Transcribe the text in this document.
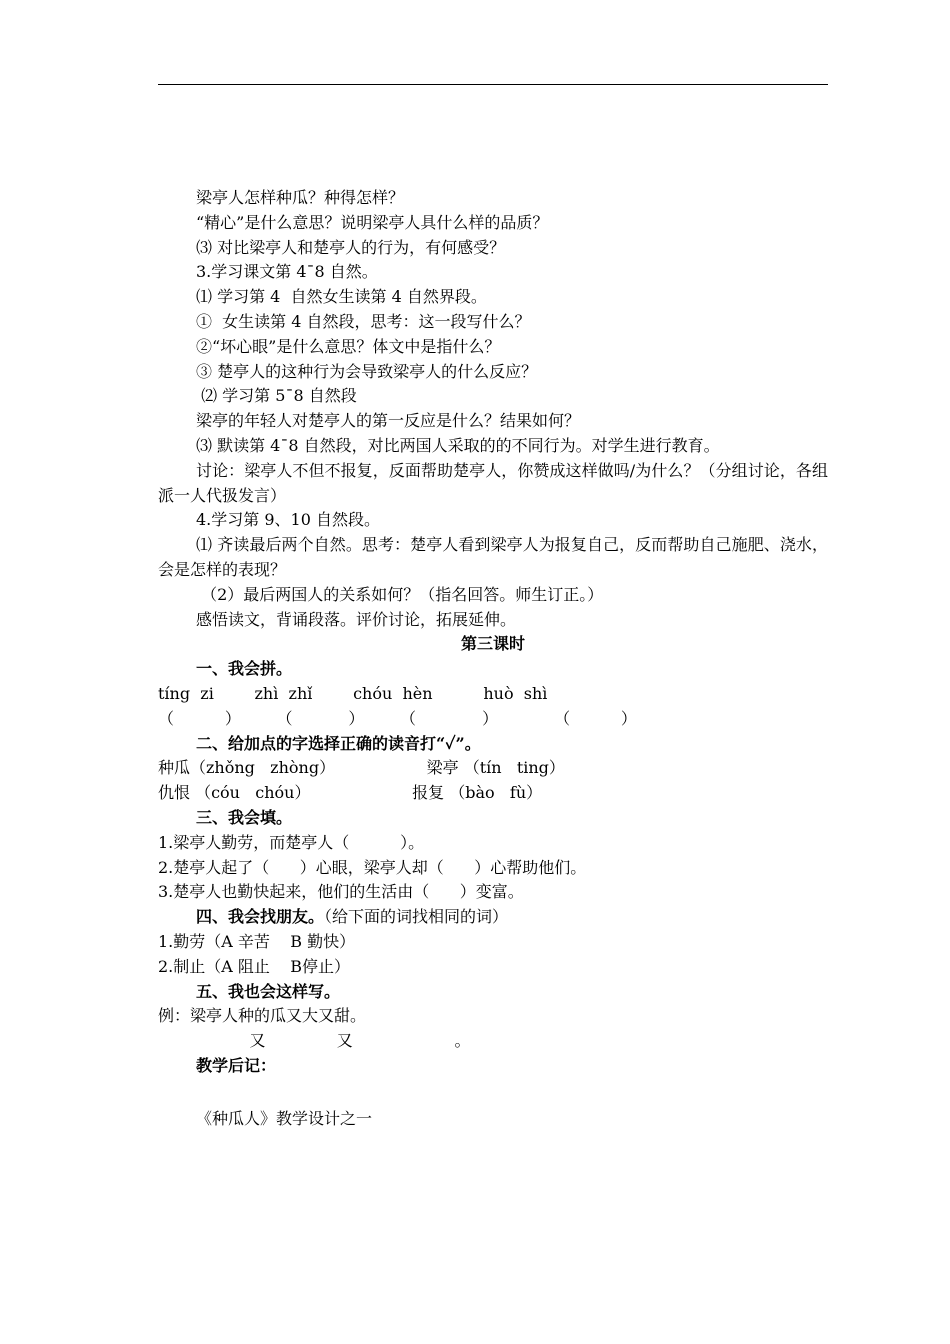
梁亭人怎样种瓜？种得怎样？
“精心”是什么意思？说明梁亭人具什么样的品质？
⑶ 对比梁亭人和楚亭人的行为，有何感受？
3.学习课文第 4¯8 自然。
⑴ 学习第 4  自然女生读第 4 自然界段。
①  女生读第 4 自然段，思考：这一段写什么？
②“坏心眼”是什么意思？体文中是指什么？
③ 楚亭人的这种行为会导致梁亭人的什么反应？
⑵ 学习第 5¯8 自然段
梁亭的年轻人对楚亭人的第一反应是什么？结果如何？
⑶ 默读第 4¯8 自然段，对比两国人采取的的不同行为。对学生进行教育。
讨论：梁亭人不但不报复，反面帮助楚亭人，你赞成这样做吗/为什么？（分组讨论，各组派一人代扱发言）
4.学习第 9、10 自然段。
⑴ 齐读最后两个自然。思考：楚亭人看到梁亭人为报复自己，反而帮助自己施肥、浇水，会是怎样的表现？
（2）最后两国人的关系如何？（指名回答。师生订正。）
感悟读文，背诵段落。评价讨论，拓展延伸。
第三课时
一、我会拼。
tíng  zi        zhì  zhǐ        chóu  hèn          huò  shì
（          ）       （           ）       （             ）           （          ）
二、给加点的字选择正确的读音打“✓”。
种瓜（zhǒng   zhòng）                  梁亭 （tín   ting）
仇恨 （cóu   chóu）                    报复 （bào   fù）
三、我会填。
1.梁亭人勤劳，而楚亭人（          ）。
2.楚亭人起了（      ）心眼，梁亭人却（      ）心帮助他们。
3.楚亭人也勤快起来，他们的生活由（      ）变富。
四、我会找朋友。（给下面的词找相同的词）
1.勤劳（A 辛苦    B 勤快）
2.制止（A 阻止    B停止）
五、我也会这样写。
例：梁亭人种的瓜又大又甜。
又              又                    。
教学后记：
《种瓜人》教学设计之一
